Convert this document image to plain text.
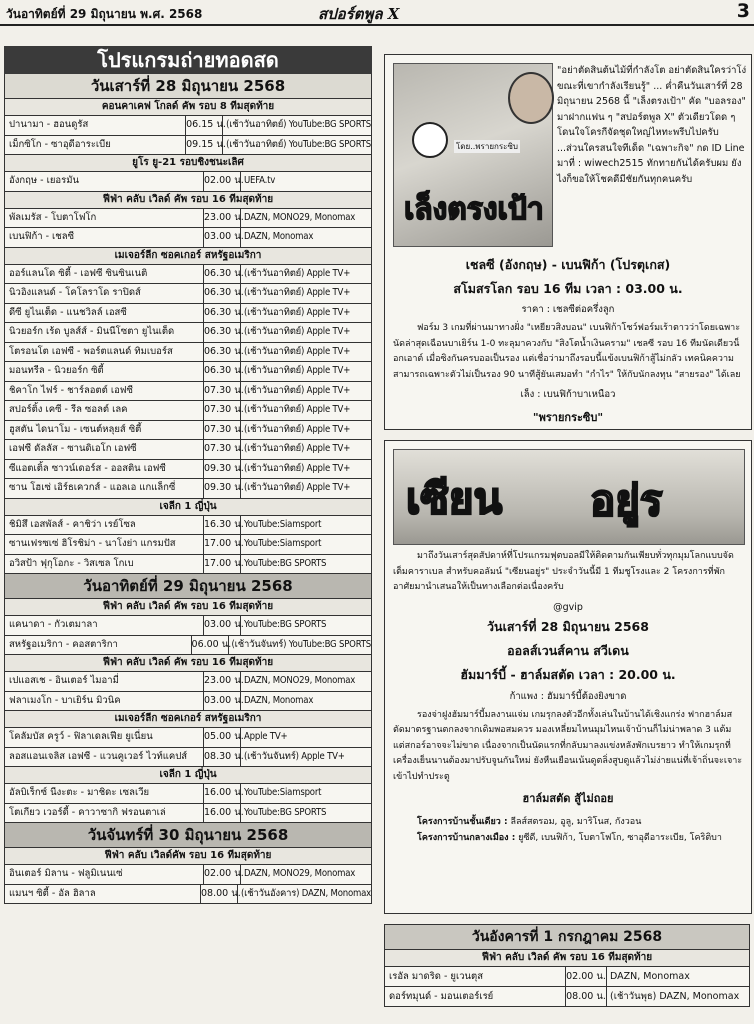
วันอาทิตย์ที่ 29 มิถุนายน พ.ศ. 2568	สปอร์ตพูล X	3
โปรแกรมถ่ายทอดสด
วันเสาร์ที่ 28 มิถุนายน 2568
คอนคาเคฟ โกลด์ คัพ รอบ 8 ทีมสุดท้าย
ปานามา - ฮอนดูรัส	06.15 น. (เช้าวันอาทิตย์) YouTube:BG SPORTS
เม็กซิโก - ซาอุดีอาระเบีย	09.15 น. (เช้าวันอาทิตย์) YouTube:BG SPORTS
ยูโร ยู-21 รอบชิงชนะเลิศ
อังกฤษ - เยอรมัน	02.00 น. UEFA.tv
ฟีฟ่า คลับ เวิลด์ คัพ รอบ 16 ทีมสุดท้าย
พัลเมรัส - โบตาโฟโก	23.00 น. DAZN, MONO29, Monomax
เบนฟิก้า - เชลซี	03.00 น. DAZN, Monomax
เมเจอร์ลีก ซอคเกอร์ สหรัฐอเมริกา
ออร์แลนโด ซิตี้ - เอฟซี ซินซินเนติ	06.30 น. (เช้าวันอาทิตย์) Apple TV+
นิวอิงแลนด์ - โคโลราโด ราปิดส์	06.30 น. (เช้าวันอาทิตย์) Apple TV+
ดีซี ยูไนเต็ด - แนชวิลล์ เอสซี	06.30 น. (เช้าวันอาทิตย์) Apple TV+
นิวยอร์ก เร้ด บูลส์ส์ - มินนีโซตา ยูไนเต็ด	06.30 น. (เช้าวันอาทิตย์) Apple TV+
โตรอนโต เอฟซี - พอร์ตแลนด์ ทิมเบอร์ส	06.30 น. (เช้าวันอาทิตย์) Apple TV+
มอนทรีล - นิวยอร์ก ซิตี้	06.30 น. (เช้าวันอาทิตย์) Apple TV+
ชิคาโก ไฟร์ - ชาร์ลอตต์ เอฟซี	07.30 น. (เช้าวันอาทิตย์) Apple TV+
สปอร์ติ้ง เคซี - รีล ซอลต์ เลค	07.30 น. (เช้าวันอาทิตย์) Apple TV+
ฮูสตัน ไดนาโม - เซนต์หลุยส์ ซิตี้	07.30 น. (เช้าวันอาทิตย์) Apple TV+
เอฟซี ดัลลัส - ซานดิเอโก เอฟซี	07.30 น. (เช้าวันอาทิตย์) Apple TV+
ซีแอตเติ้ล ซาวน์เดอร์ส - ออสติน เอฟซี	09.30 น. (เช้าวันอาทิตย์) Apple TV+
ซาน โฮเซ่ เอิร์ธเควกส์ - แอลเอ แกแล็กซี่	09.30 น. (เช้าวันอาทิตย์) Apple TV+
เจลีก 1 ญี่ปุ่น
ชิมิสึ เอสพัลส์ - คาชิว่า เรย์โซล	16.30 น. YouTube:Siamsport
ซานเฟรซเซ่ ฮิโรชิม่า - นาโงย่า แกรมปัส	17.00 น. YouTube:Siamsport
อวิสป้า ฟุกุโอกะ - วิสเซล โกเบ	17.00 น. YouTube:BG SPORTS
วันอาทิตย์ที่ 29 มิถุนายน 2568
ฟีฟ่า คลับ เวิลด์ คัพ รอบ 16 ทีมสุดท้าย
แคนาดา - กัวเตมาลา	03.00 น. YouTube:BG SPORTS
สหรัฐอเมริกา - คอสตาริกา	06.00 น. (เช้าวันจันทร์) YouTube:BG SPORTS
ฟีฟ่า คลับ เวิลด์ คัพ รอบ 16 ทีมสุดท้าย
เปแอสเช - อินเตอร์ ไมอามี่	23.00 น. DAZN, MONO29, Monomax
ฟลาเมงโก - บาเยิร์น มิวนิค	03.00 น. DAZN, Monomax
เมเจอร์ลีก ซอคเกอร์ สหรัฐอเมริกา
โคลัมบัส ครูว์ - ฟิลาเดลเฟีย ยูเนี่ยน	05.00 น. Apple TV+
ลอสแอนเจลิส เอฟซี - แวนคูเวอร์ ไวท์แคปส์	08.30 น. (เช้าวันจันทร์) Apple TV+
เจลีก 1 ญี่ปุ่น
อัลบิเร็กซ์ นีงะตะ - มาชิดะ เซลเวีย	16.00 น. YouTube:Siamsport
โตเกียว เวอร์ดี้ - คาวาซากิ ฟรอนตาเล่	16.00 น. YouTube:BG SPORTS
วันจันทร์ที่ 30 มิถุนายน 2568
ฟีฟ่า คลับ เวิลด์คัพ รอบ 16 ทีมสุดท้าย
อินเตอร์ มิลาน - ฟลูมิเนนเซ่	02.00 น. DAZN, MONO29, Monomax
แมนฯ ซิตี้ - อัล ฮิลาล	08.00 น. (เช้าวันอังคาร) DAZN, Monomax
โดย..พรายกระซิบ
เล็งตรงเป้า
"อย่าตัดสินต้นไม้ที่กำลังโต อย่าตัดสินใครว่าโง่ขณะที่เขากำลังเรียนรู้" ... ค่ำคืนวันเสาร์ที่ 28 มิถุนายน 2568 นี้ "เล็งตรงเป้า" คัด "บอลรอง" มาฝากแฟน ๆ "สปอร์ตพูล X" ตัวเดียวโดด ๆ โดนใจโครกีจัดชุดใหญ่ไหทะพรีบไปครับ ...ส่วนใครสนใจทีเด็ด "เฉพาะกิจ" กด ID Line มาที่ : wiwech2515 ทักทายกันได้ครับผม ยังไงก็ขอให้โชคดีมีชัยกันทุกคนครับ
เชลซี (อังกฤษ) - เบนฟิก้า (โปรตุเกส)
สโมสรโลก รอบ 16 ทีม เวลา : 03.00 น.
ราคา : เชลซีต่อครึ่งลูก
ฟอร์ม 3 เกมที่ผ่านมาทางฝั่ง "เหยียวสิงบอน" เบนฟิก้าโชว์ฟอร์มเร้าตาวว่าโดยเฉพาะนัดล่าสุดเฉือนบาเยิร์น 1-0 ทะลุมาควงกับ "สิงโตน้ำเงินคราม" เชลซี รอบ 16 ทีมนัดเดียวน็อกเอาต์ เมื่อซิงกันครบออเป็นรอง แต่เชื่อว่ามาถึงรอบนี้แข้งเบนฟิก้าสู้ไม่กลัว เทคนิคความสามารถเฉพาะตัวไม่เป็นรอง 90 นาทีสู้ยันเสมอทำ "กำไร" ให้กับนักลงทุน "สายรอง" ได้เลย
เล็ง : เบนฟิก้าบาเหนือว
"พรายกระซิบ"
เซียน อยู่ร
มาถึงวันเสาร์สุดสัปดาห์ที่โปรแกรมฟุตบอลมีให้ติดตามกันเพียบทั่วทุกมุมโลกแบบจัดเต็มคาราเบล สำหรับคอลัมน์ "เซียนอยู่ร" ประจำวันนี้มี 1 ทีมชูโรงและ 2 โครงการที่พักอาศัยมานำเสนอให้เป็นทางเลือกต่อเนื่องครับ
@gvip
วันเสาร์ที่ 28 มิถุนายน 2568
ออลส์เวนส์คาน สวีเดน
ฮัมมาร์บี้ - ฮาล์มสตัด เวลา : 20.00 น.
ก้าแพง : ฮัมมาร์บี้ต้องยิงขาด
รองจ่าฝูงฮัมมาร์บี้มลงานแจ่ม เกมรุกลงตัวอีกทั้งเล่นในบ้านได้เชิงแกร่ง ฟากฮาล์มสตัดมาตรฐานตกลงจากเดิมพอสมควร มองเหลี่ยมไหนมุมไหนเจ้าบ้านก็ไม่น่าพลาด 3 แต้ม แต่สกอร์อาจจะไม่ขาด เนื่องจากเป็นนัดแรกที่กลับมาลงแข่งหลังพักเบรยาว ทำให้เกมรุกที่เครื่องเย็นนานต้องมาปรับจูนกันใหม่ ยังหืนเยือนเน้นดูตลิ่งสูบดูแล้วไม่ง่ายแน่ที่เจ้าถิ่นจะเจาะเข้าไปทำประตู
ฮาล์มสตัด สู้ไม่ถอย
โครงการบ้านชั้นเดียว : ลีลส์สตรอม, อูลู, มาริโนส, กังวอน
โครงการบ้านกลางเมือง : ยูซีดี, เบนฟิก้า, โบตาโฟโก, ซาอุดีอาระเบีย, โคริติบา
วันอังคารที่ 1 กรกฎาคม 2568
ฟีฟ่า คลับ เวิลด์ คัพ รอบ 16 ทีมสุดท้าย
เรอัล มาดริด - ยูเวนตุส	02.00 น. DAZN, Monomax
ดอร์ทมุนด์ - มอนเตอร์เรย์	08.00 น. (เช้าวันพุธ) DAZN, Monomax
